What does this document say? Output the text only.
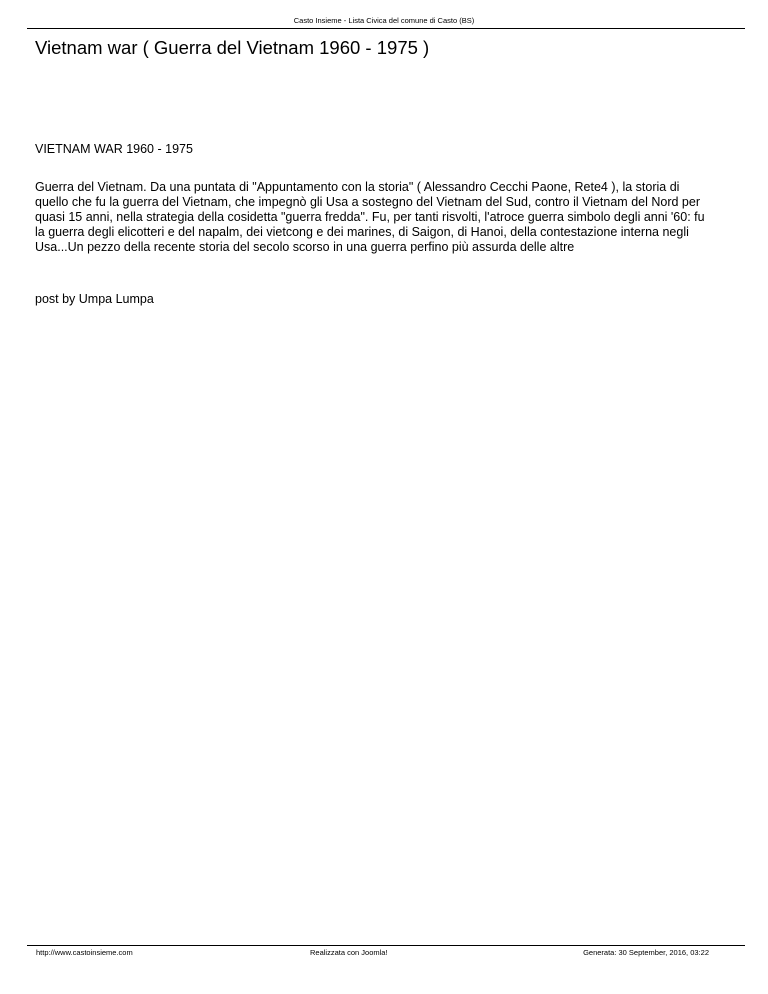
Casto Insieme - Lista Civica del comune di Casto (BS)
Vietnam war ( Guerra del Vietnam 1960 - 1975 )

VIETNAM WAR 1960 - 1975

Guerra del Vietnam. Da una puntata di "Appuntamento con la storia" ( Alessandro Cecchi Paone, Rete4 ), la storia di
quello che fu la guerra del Vietnam, che impegnò gli Usa a sostegno del Vietnam del Sud, contro il Vietnam del Nord per
quasi 15 anni, nella strategia della cosidetta "guerra fredda". Fu, per tanti risvolti, l'atroce guerra simbolo degli anni '60: fu
la guerra degli elicotteri e del napalm, dei vietcong e dei marines, di Saigon, di Hanoi, della contestazione interna negli
Usa...Un pezzo della recente storia del secolo scorso in una guerra perfino più assurda delle altre

post by Umpa Lumpa

http://www.castoinsieme.com	Realizzata con Joomla!	Generata: 30 September, 2016, 03:22
